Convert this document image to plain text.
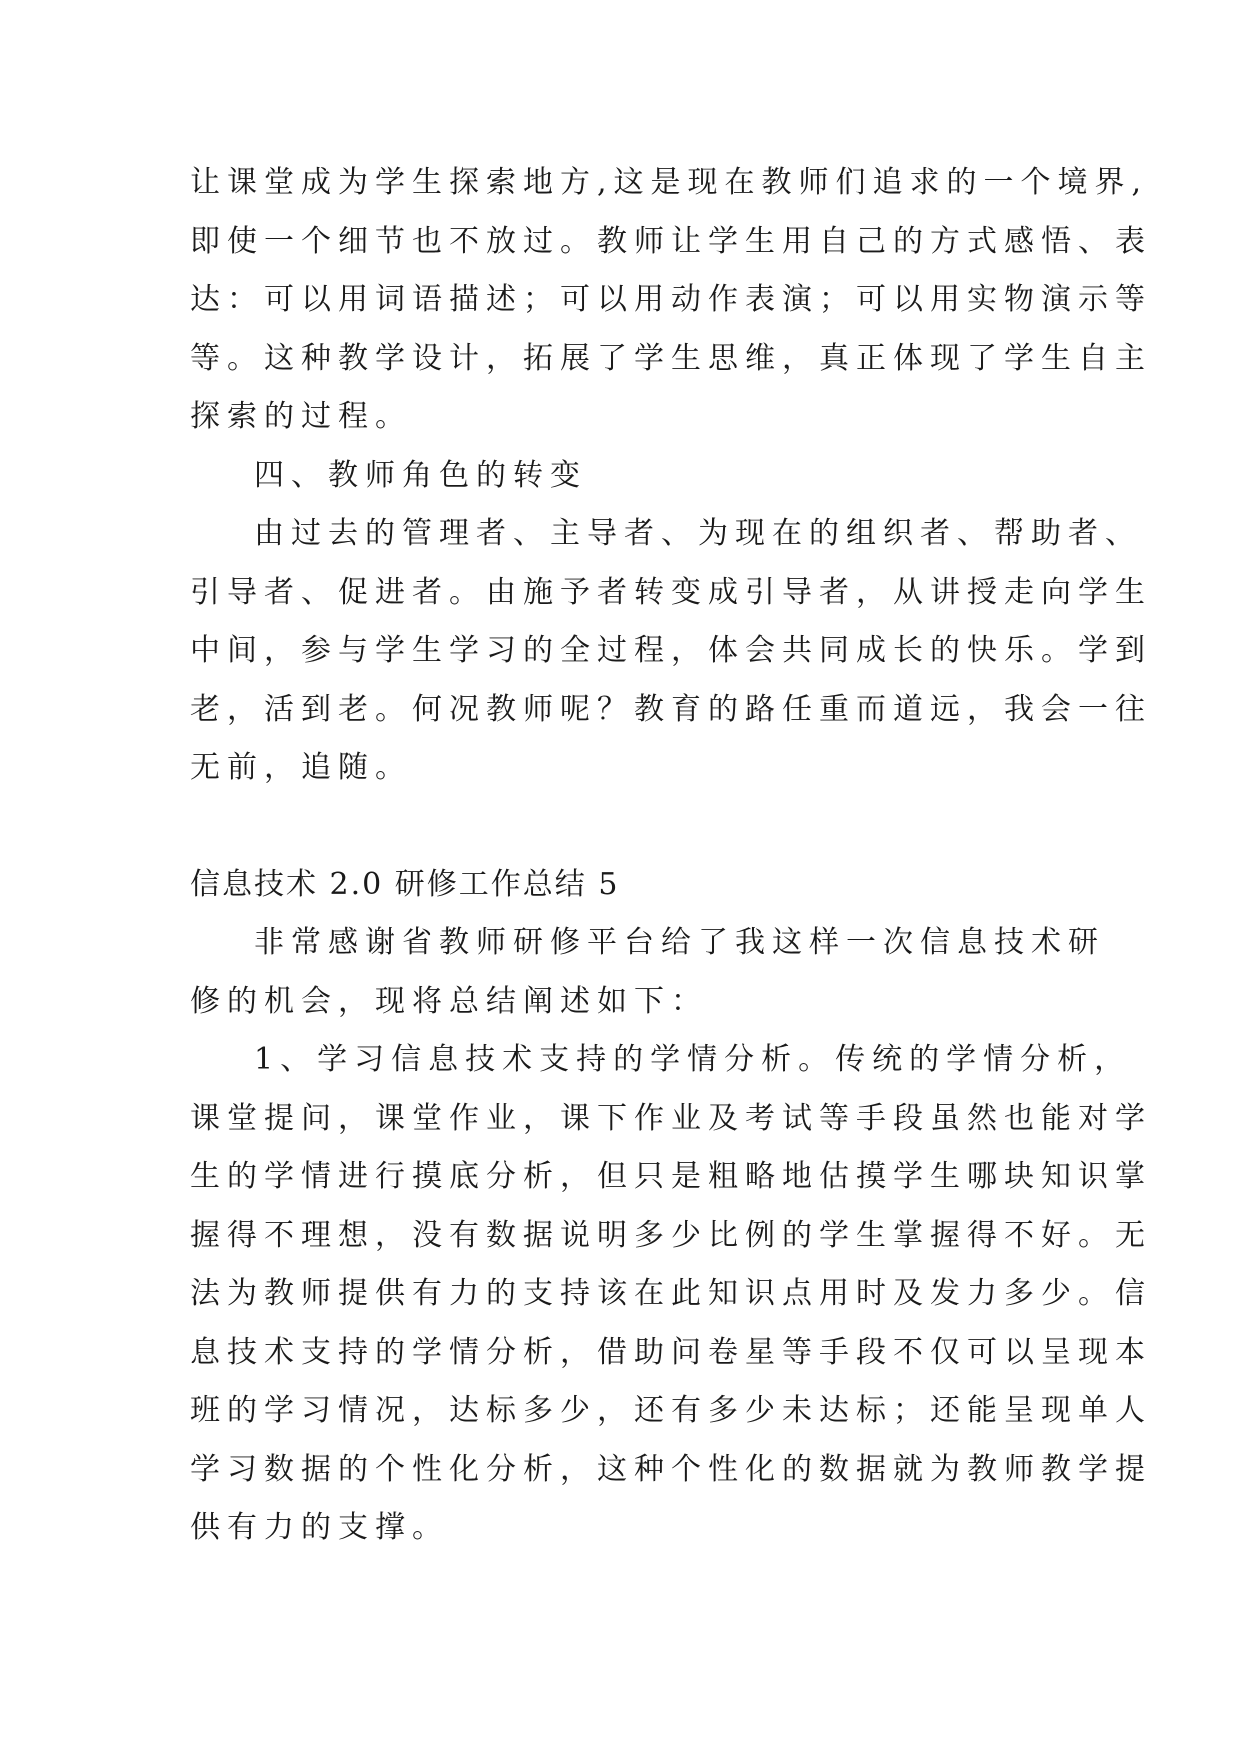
让课堂成为学生探索地方,这是现在教师们追求的一个境界,
即使一个细节也不放过。教师让学生用自己的方式感悟、表
达：可以用词语描述；可以用动作表演；可以用实物演示等
等。这种教学设计，拓展了学生思维，真正体现了学生自主
探索的过程。
四、教师角色的转变
由过去的管理者、主导者、为现在的组织者、帮助者、
引导者、促进者。由施予者转变成引导者，从讲授走向学生
中间，参与学生学习的全过程，体会共同成长的快乐。学到
老，活到老。何况教师呢？教育的路任重而道远，我会一往
无前，追随。
信息技术 2.0 研修工作总结 5
非常感谢省教师研修平台给了我这样一次信息技术研
修的机会，现将总结阐述如下：
1、学习信息技术支持的学情分析。传统的学情分析，
课堂提问，课堂作业，课下作业及考试等手段虽然也能对学
生的学情进行摸底分析，但只是粗略地估摸学生哪块知识掌
握得不理想，没有数据说明多少比例的学生掌握得不好。无
法为教师提供有力的支持该在此知识点用时及发力多少。信
息技术支持的学情分析，借助问卷星等手段不仅可以呈现本
班的学习情况，达标多少，还有多少未达标；还能呈现单人
学习数据的个性化分析，这种个性化的数据就为教师教学提
供有力的支撑。
